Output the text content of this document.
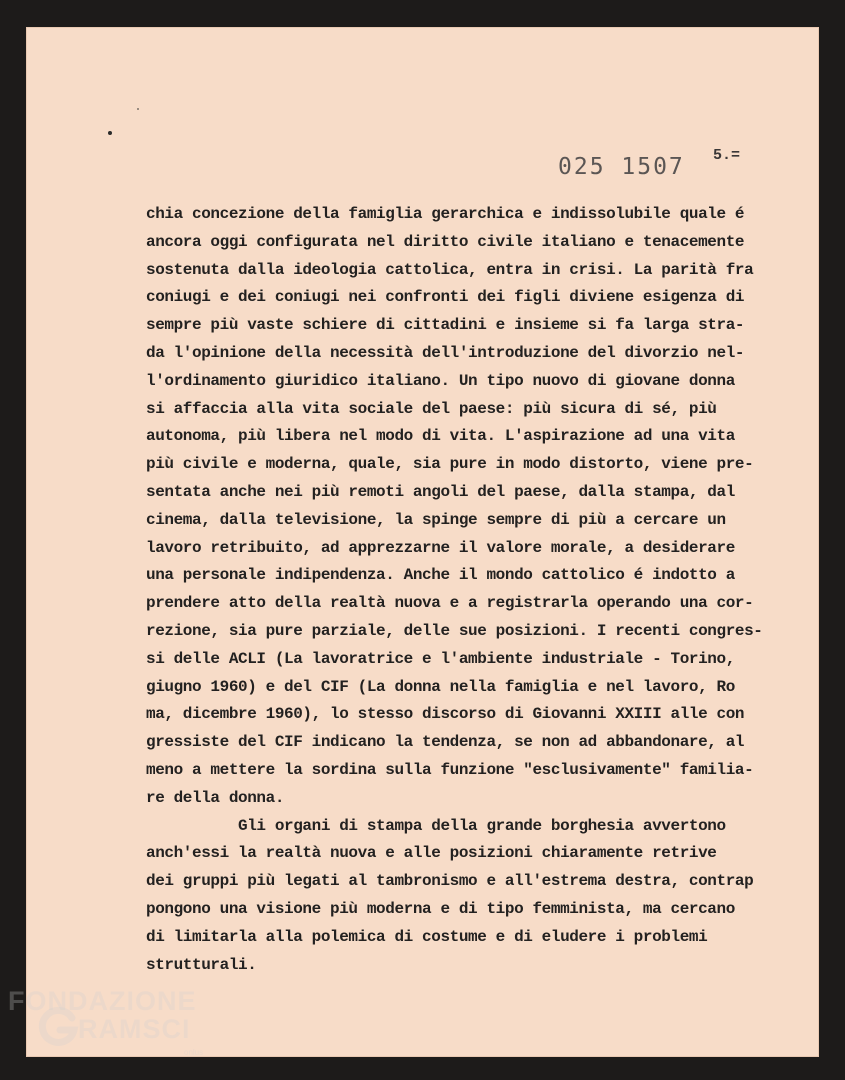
025 1507 5.=
chia concezione della famiglia gerarchica e indissolubile quale é
ancora oggi configurata nel diritto civile italiano e tenacemente
sostenuta dalla ideologia cattolica, entra in crisi. La parità fra
coniugi e dei coniugi nei confronti dei figli diviene esigenza di
sempre più vaste schiere di cittadini e insieme si fa larga stra-
da l'opinione della necessità dell'introduzione del divorzio nel-
l'ordinamento giuridico italiano. Un tipo nuovo di giovane donna
si affaccia alla vita sociale del paese: più sicura di sé, più
autonoma, più libera nel modo di vita. L'aspirazione ad una vita
più civile e moderna, quale, sia pure in modo distorto, viene pre-
sentata anche nei più remoti angoli del paese, dalla stampa, dal
cinema, dalla televisione, la spinge sempre di più a cercare un
lavoro retribuito, ad apprezzarne il valore morale, a desiderare
una personale indipendenza. Anche il mondo cattolico é indotto a
prendere atto della realtà nuova e a registrarla operando una cor-
rezione, sia pure parziale, delle sue posizioni. I recenti congres-
si delle ACLI (La lavoratrice e l'ambiente industriale - Torino,
giugno 1960) e del CIF (La donna nella famiglia e nel lavoro, Ro
ma, dicembre 1960), lo stesso discorso di Giovanni XXIII alle con
gressiste del CIF indicano la tendenza, se non ad abbandonare, al
meno a mettere la sordina sulla funzione "esclusivamente" familia-
re della donna.
Gli organi di stampa della grande borghesia avvertono
anch'essi la realtà nuova e alle posizioni chiaramente retrive
dei gruppi più legati al tambronismo e all'estrema destra, contrap
pongono una visione più moderna e di tipo femminista, ma cercano
di limitarla alla polemica di costume e di eludere i problemi
strutturali.
FONDAZIONE
RAMSCI
onlus
